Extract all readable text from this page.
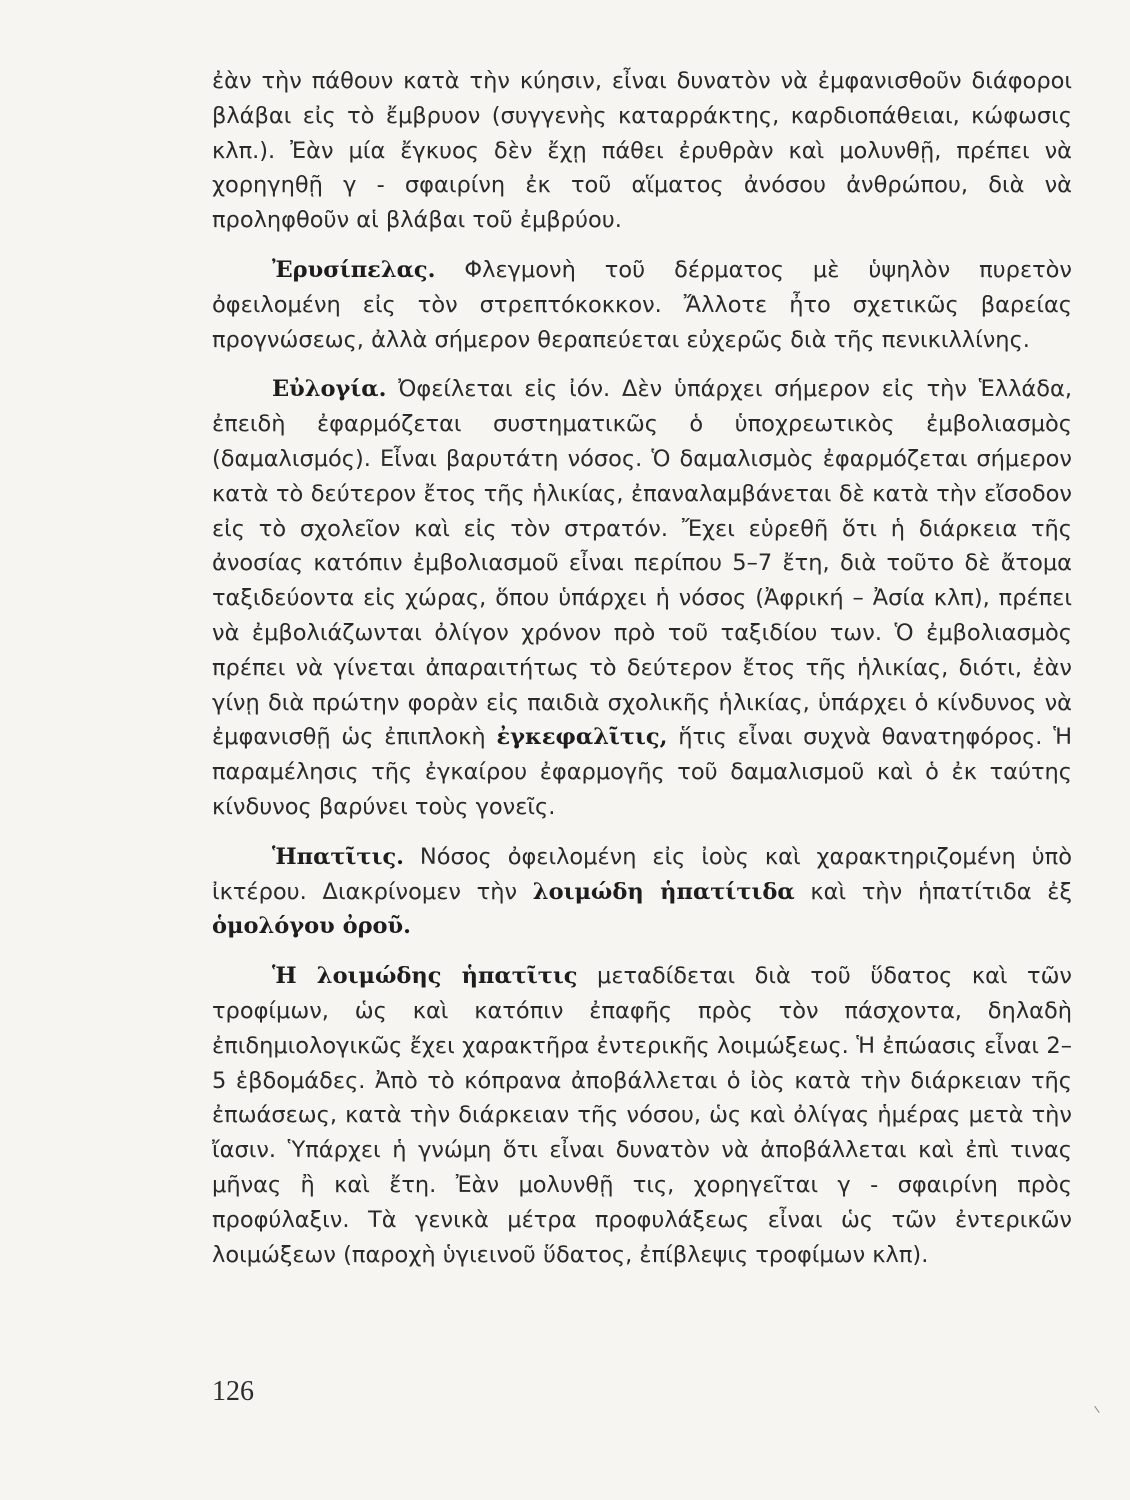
ἐὰν τὴν πάθουν κατὰ τὴν κύησιν, εἶναι δυνατὸν νὰ ἐμφανισθοῦν διάφοροι βλάβαι εἰς τὸ ἔμβρυον (συγγενὴς καταρράκτης, καρδιοπάθειαι, κώφωσις κλπ.). Ἐὰν μία ἔγκυος δὲν ἔχῃ πάθει ἐρυθρὰν καὶ μολυνθῇ, πρέπει νὰ χορηγηθῇ γ - σφαιρίνη ἐκ τοῦ αἵματος ἀνόσου ἀνθρώπου, διὰ νὰ προληφθοῦν αἱ βλάβαι τοῦ ἐμβρύου.

Ἐρυσίπελας. Φλεγμονὴ τοῦ δέρματος μὲ ὑψηλὸν πυρετὸν ὀφειλομένη εἰς τὸν στρεπτόκοκκον. Ἄλλοτε ἦτο σχετικῶς βαρείας προγνώσεως, ἀλλὰ σήμερον θεραπεύεται εὐχερῶς διὰ τῆς πενικιλλίνης.

Εὐλογία. Ὀφείλεται εἰς ἰόν. Δὲν ὑπάρχει σήμερον εἰς τὴν Ἑλλάδα, ἐπειδὴ ἐφαρμόζεται συστηματικῶς ὁ ὑποχρεωτικὸς ἐμβολιασμὸς (δαμαλισμός). Εἶναι βαρυτάτη νόσος. Ὁ δαμαλισμὸς ἐφαρμόζεται σήμερον κατὰ τὸ δεύτερον ἔτος τῆς ἡλικίας, ἐπαναλαμβάνεται δὲ κατὰ τὴν εἴσοδον εἰς τὸ σχολεῖον καὶ εἰς τὸν στρατόν. Ἔχει εὑρεθῆ ὅτι ἡ διάρκεια τῆς ἀνοσίας κατόπιν ἐμβολιασμοῦ εἶναι περίπου 5–7 ἔτη, διὰ τοῦτο δὲ ἄτομα ταξιδεύοντα εἰς χώρας, ὅπου ὑπάρχει ἡ νόσος (Ἀφρική – Ἀσία κλπ), πρέπει νὰ ἐμβολιάζωνται ὀλίγον χρόνον πρὸ τοῦ ταξιδίου των. Ὁ ἐμβολιασμὸς πρέπει νὰ γίνεται ἀπαραιτήτως τὸ δεύτερον ἔτος τῆς ἡλικίας, διότι, ἐὰν γίνῃ διὰ πρώτην φορὰν εἰς παιδιὰ σχολικῆς ἡλικίας, ὑπάρχει ὁ κίνδυνος νὰ ἐμφανισθῇ ὡς ἐπιπλοκὴ ἐγκεφαλῖτις, ἥτις εἶναι συχνὰ θανατηφόρος. Ἡ παραμέλησις τῆς ἐγκαίρου ἐφαρμογῆς τοῦ δαμαλισμοῦ καὶ ὁ ἐκ ταύτης κίνδυνος βαρύνει τοὺς γονεῖς.

Ἡπατῖτις. Νόσος ὀφειλομένη εἰς ἰοὺς καὶ χαρακτηριζομένη ὑπὸ ἰκτέρου. Διακρίνομεν τὴν λοιμώδη ἡπατίτιδα καὶ τὴν ἡπατίτιδα ἐξ ὁμολόγου ὀροῦ.

Ἡ λοιμώδης ἡπατῖτις μεταδίδεται διὰ τοῦ ὕδατος καὶ τῶν τροφίμων, ὡς καὶ κατόπιν ἐπαφῆς πρὸς τὸν πάσχοντα, δηλαδὴ ἐπιδημιολογικῶς ἔχει χαρακτῆρα ἐντερικῆς λοιμώξεως. Ἡ ἐπώασις εἶναι 2–5 ἑβδομάδες. Ἀπὸ τὸ κόπρανα ἀποβάλλεται ὁ ἰὸς κατὰ τὴν διάρκειαν τῆς ἐπωάσεως, κατὰ τὴν διάρκειαν τῆς νόσου, ὡς καὶ ὀλίγας ἡμέρας μετὰ τὴν ἴασιν. Ὑπάρχει ἡ γνώμη ὅτι εἶναι δυνατὸν νὰ ἀποβάλλεται καὶ ἐπὶ τινας μῆνας ἢ καὶ ἔτη. Ἐὰν μολυνθῇ τις, χορηγεῖται γ - σφαιρίνη πρὸς προφύλαξιν. Τὰ γενικὰ μέτρα προφυλάξεως εἶναι ὡς τῶν ἐντερικῶν λοιμώξεων (παροχὴ ὑγιεινοῦ ὕδατος, ἐπίβλεψις τροφίμων κλπ).

126
